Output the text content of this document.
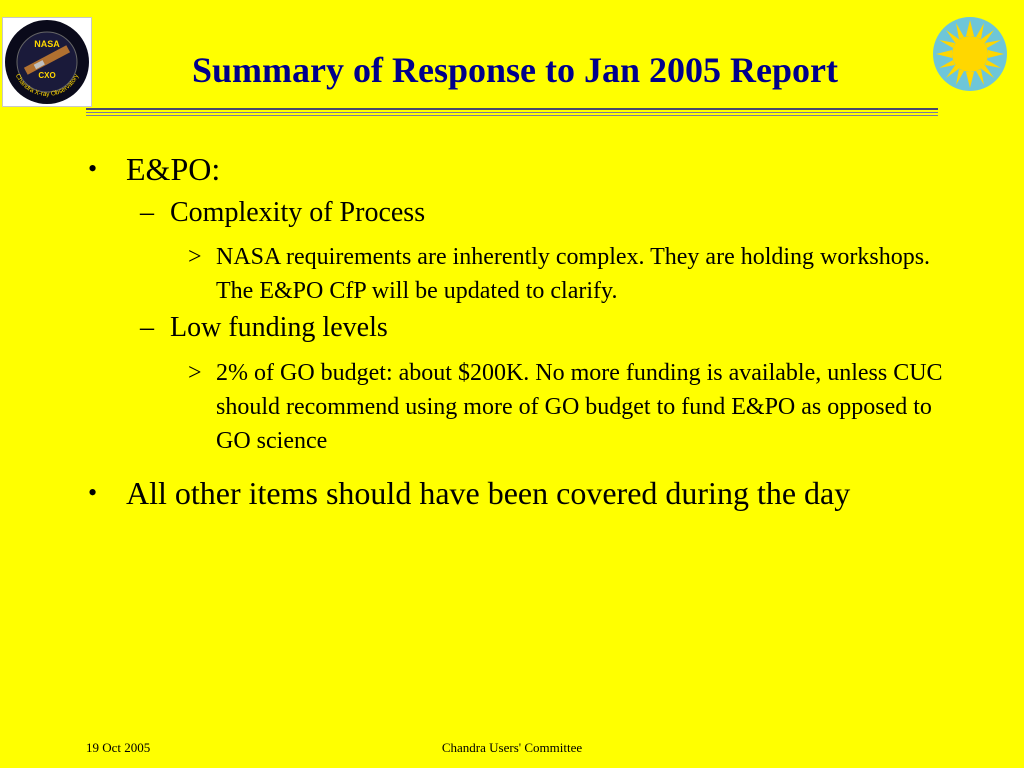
NASA
CXO
Chandra X-ray Observatory	Summary of Response to Jan 2005 Report
• E&PO:
– Complexity of Process
> NASA requirements are inherently complex. They are holding workshops. The E&PO CfP will be updated to clarify.
– Low funding levels
> 2% of GO budget: about $200K. No more funding is available, unless CUC should recommend using more of GO budget to fund E&PO as opposed to GO science
• All other items should have been covered during the day
19 Oct 2005	Chandra Users' Committee
